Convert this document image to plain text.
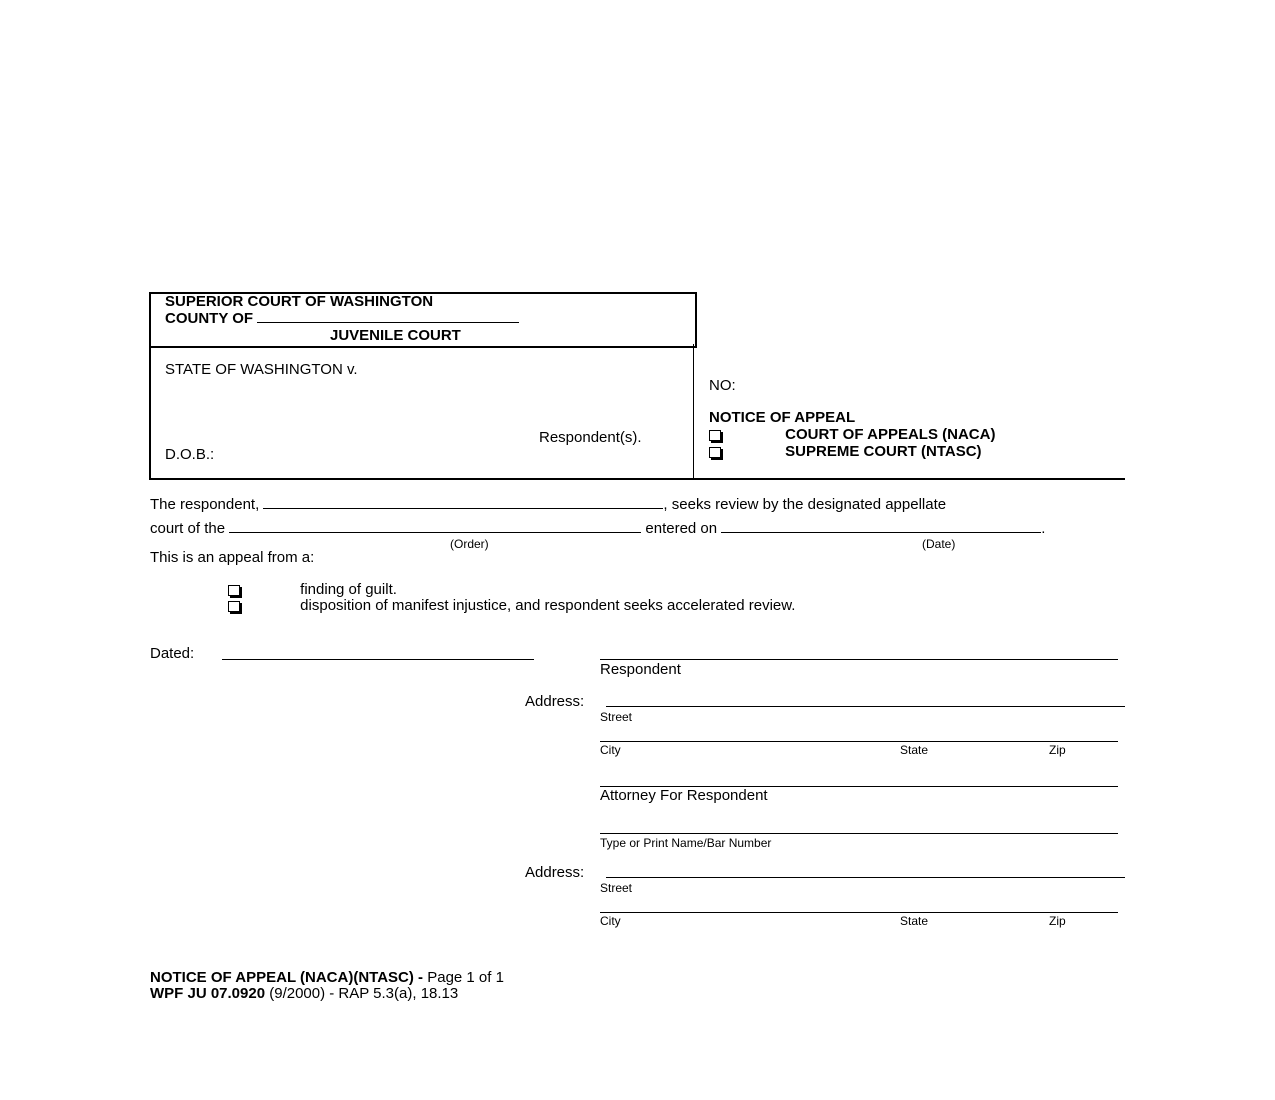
SUPERIOR COURT OF WASHINGTON
COUNTY OF
JUVENILE COURT
STATE OF WASHINGTON v.
Respondent(s).
D.O.B.:
NO:
NOTICE OF APPEAL
COURT OF APPEALS (NACA)
SUPREME COURT (NTASC)
The respondent,	, seeks review by the designated appellate
court of the	entered on	.
(Order)	(Date)
This is an appeal from a:
finding of guilt.
disposition of manifest injustice, and respondent seeks accelerated review.
Dated:
Respondent
Address:
Street
City	State	Zip
Attorney For Respondent
Type or Print Name/Bar Number
Address:
Street
City	State	Zip
NOTICE OF APPEAL (NACA)(NTASC) - Page 1 of 1
WPF JU 07.0920 (9/2000) - RAP 5.3(a), 18.13
